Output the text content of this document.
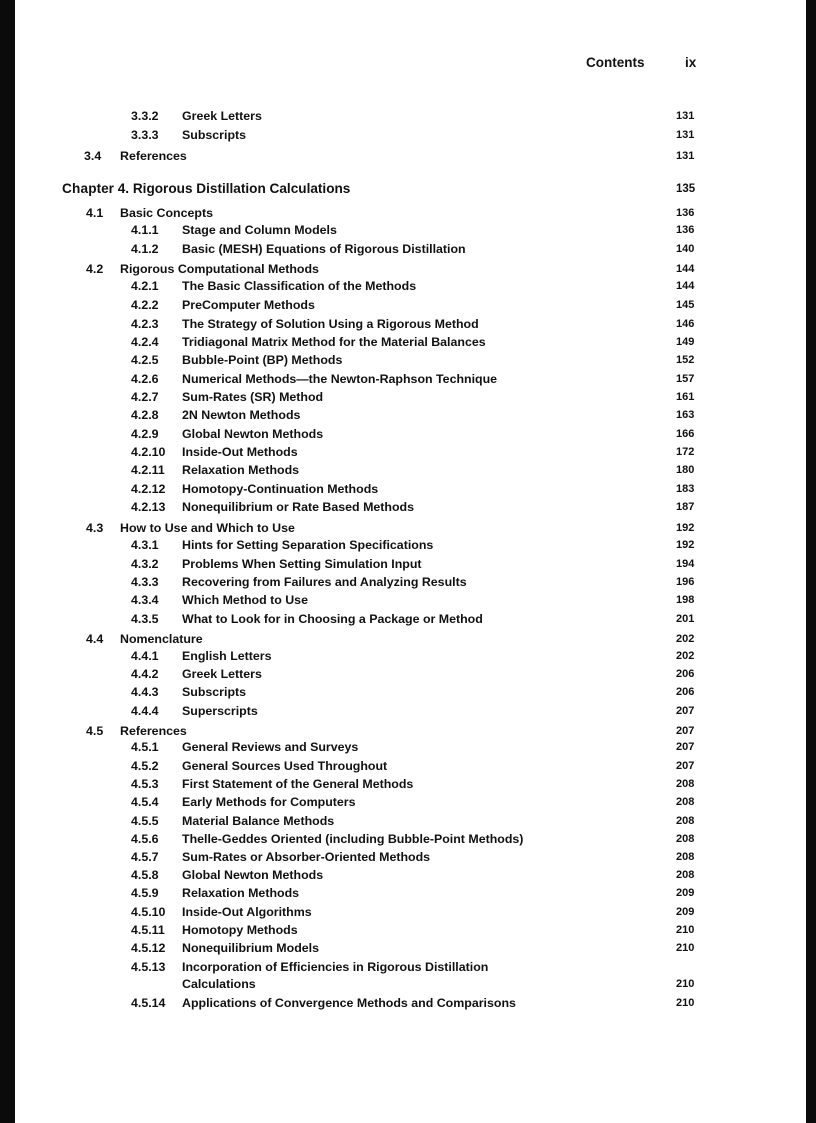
Contents	ix
3.3.2 Greek Letters	131
3.3.3 Subscripts	131
3.4 References	131
Chapter 4. Rigorous Distillation Calculations	135
4.1 Basic Concepts	136
4.1.1 Stage and Column Models	136
4.1.2 Basic (MESH) Equations of Rigorous Distillation	140
4.2 Rigorous Computational Methods	144
4.2.1 The Basic Classification of the Methods	144
4.2.2 PreComputer Methods	145
4.2.3 The Strategy of Solution Using a Rigorous Method	146
4.2.4 Tridiagonal Matrix Method for the Material Balances	149
4.2.5 Bubble-Point (BP) Methods	152
4.2.6 Numerical Methods—the Newton-Raphson Technique	157
4.2.7 Sum-Rates (SR) Method	161
4.2.8 2N Newton Methods	163
4.2.9 Global Newton Methods	166
4.2.10 Inside-Out Methods	172
4.2.11 Relaxation Methods	180
4.2.12 Homotopy-Continuation Methods	183
4.2.13 Nonequilibrium or Rate Based Methods	187
4.3 How to Use and Which to Use	192
4.3.1 Hints for Setting Separation Specifications	192
4.3.2 Problems When Setting Simulation Input	194
4.3.3 Recovering from Failures and Analyzing Results	196
4.3.4 Which Method to Use	198
4.3.5 What to Look for in Choosing a Package or Method	201
4.4 Nomenclature	202
4.4.1 English Letters	202
4.4.2 Greek Letters	206
4.4.3 Subscripts	206
4.4.4 Superscripts	207
4.5 References	207
4.5.1 General Reviews and Surveys	207
4.5.2 General Sources Used Throughout	207
4.5.3 First Statement of the General Methods	208
4.5.4 Early Methods for Computers	208
4.5.5 Material Balance Methods	208
4.5.6 Thelle-Geddes Oriented (including Bubble-Point Methods)	208
4.5.7 Sum-Rates or Absorber-Oriented Methods	208
4.5.8 Global Newton Methods	208
4.5.9 Relaxation Methods	209
4.5.10 Inside-Out Algorithms	209
4.5.11 Homotopy Methods	210
4.5.12 Nonequilibrium Models	210
4.5.13 Incorporation of Efficiencies in Rigorous Distillation
Calculations	210
4.5.14 Applications of Convergence Methods and Comparisons	210
